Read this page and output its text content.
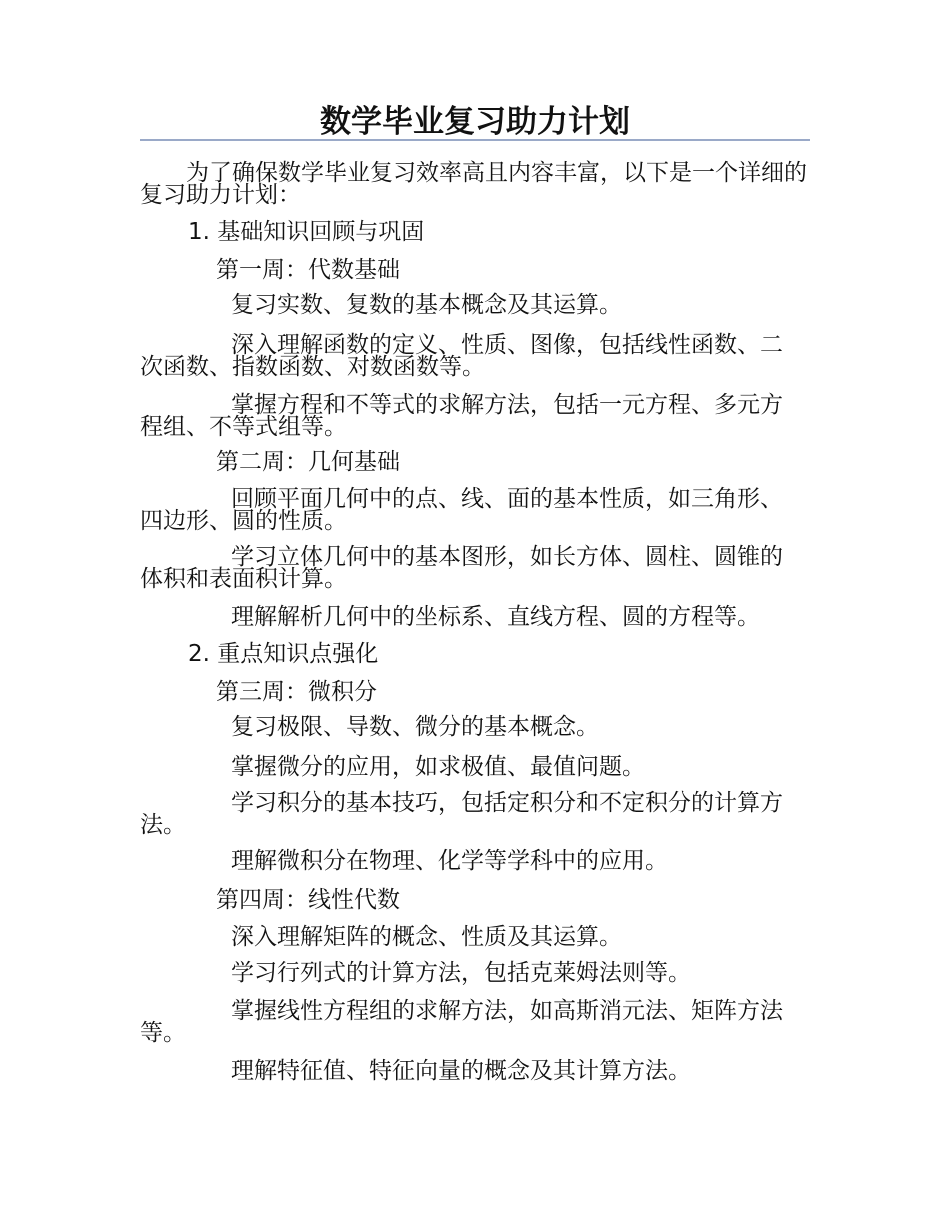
数学毕业复习助力计划
为了确保数学毕业复习效率高且内容丰富，以下是一个详细的复习助力计划：
1. 基础知识回顾与巩固
第一周：代数基础
复习实数、复数的基本概念及其运算。
深入理解函数的定义、性质、图像，包括线性函数、二次函数、指数函数、对数函数等。
掌握方程和不等式的求解方法，包括一元方程、多元方程组、不等式组等。
第二周：几何基础
回顾平面几何中的点、线、面的基本性质，如三角形、四边形、圆的性质。
学习立体几何中的基本图形，如长方体、圆柱、圆锥的体积和表面积计算。
理解解析几何中的坐标系、直线方程、圆的方程等。
2. 重点知识点强化
第三周：微积分
复习极限、导数、微分的基本概念。
掌握微分的应用，如求极值、最值问题。
学习积分的基本技巧，包括定积分和不定积分的计算方法。
理解微积分在物理、化学等学科中的应用。
第四周：线性代数
深入理解矩阵的概念、性质及其运算。
学习行列式的计算方法，包括克莱姆法则等。
掌握线性方程组的求解方法，如高斯消元法、矩阵方法等。
理解特征值、特征向量的概念及其计算方法。
